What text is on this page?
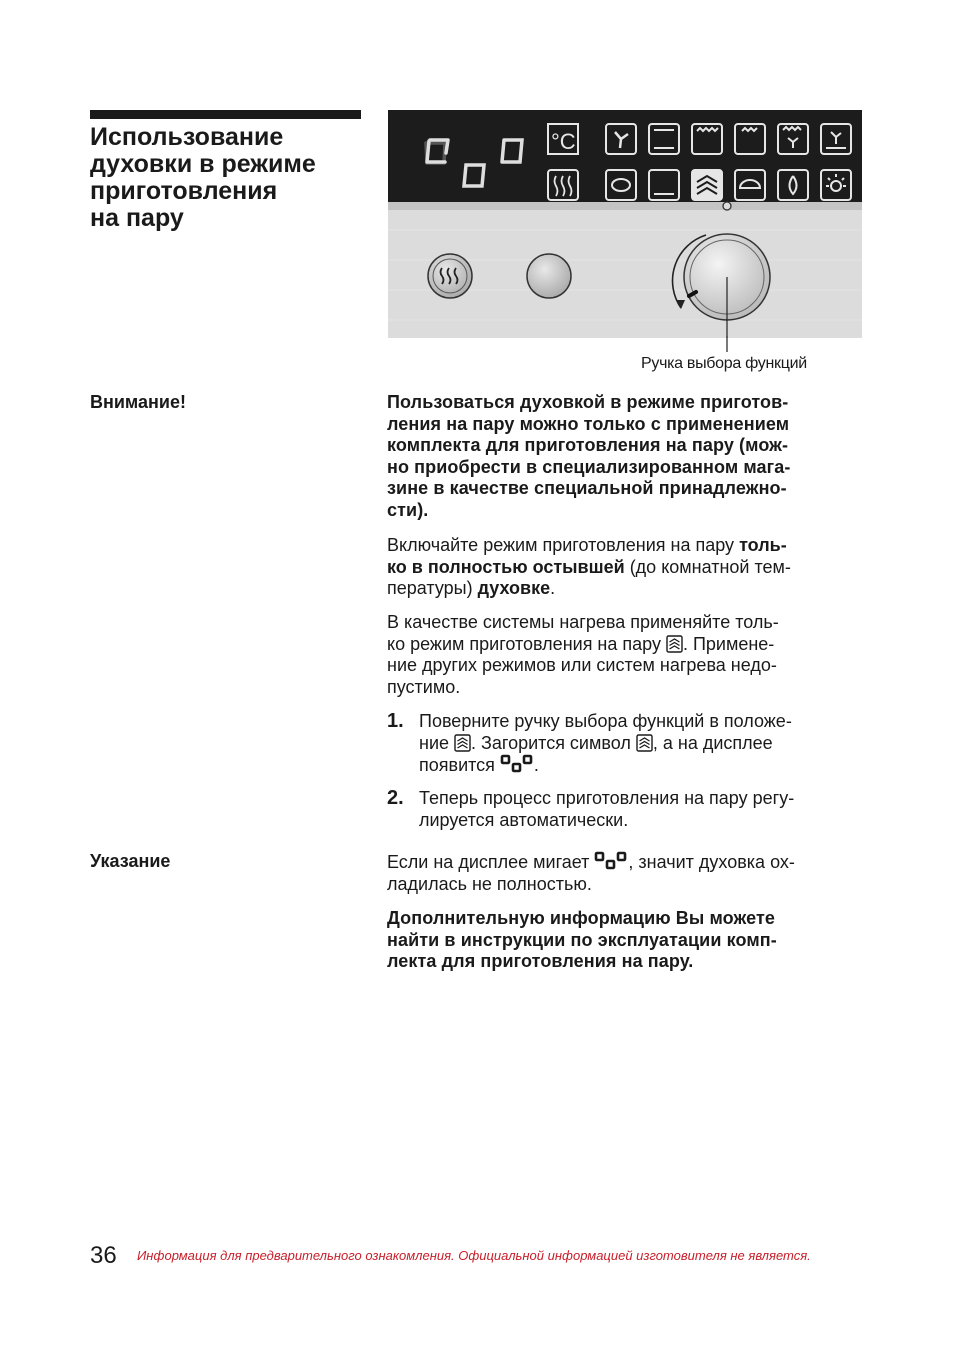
Использование
духовки в режиме
приготовления
на пару
°C
Ручка выбора функций
Внимание!	Пользоваться духовкой в режиме приготов-
ления на пару можно только с применением
комплекта для приготовления на пару (мож-
но приобрести в специализированном мага-
зине в качестве специальной принадлежно-
сти).
Включайте режим приготовления на пару толь-
ко в полностью остывшей (до комнатной тем-
пературы) духовке.
В качестве системы нагрева применяйте толь-
ко режим приготовления на пару . Примене-
ние других режимов или систем нагрева недо-
пустимо.
1. Поверните ручку выбора функций в положе-
ние . Загорится символ , а на дисплее
появится .
2. Теперь процесс приготовления на пару регу-
лируется автоматически.
Указание	Если на дисплее мигает , значит духовка ох-
ладилась не полностью.
Дополнительную информацию Вы можете
найти в инструкции по эксплуатации комп-
лекта для приготовления на пару.
36 Информация для предварительного ознакомления. Официальной информацией изготовителя не является.
